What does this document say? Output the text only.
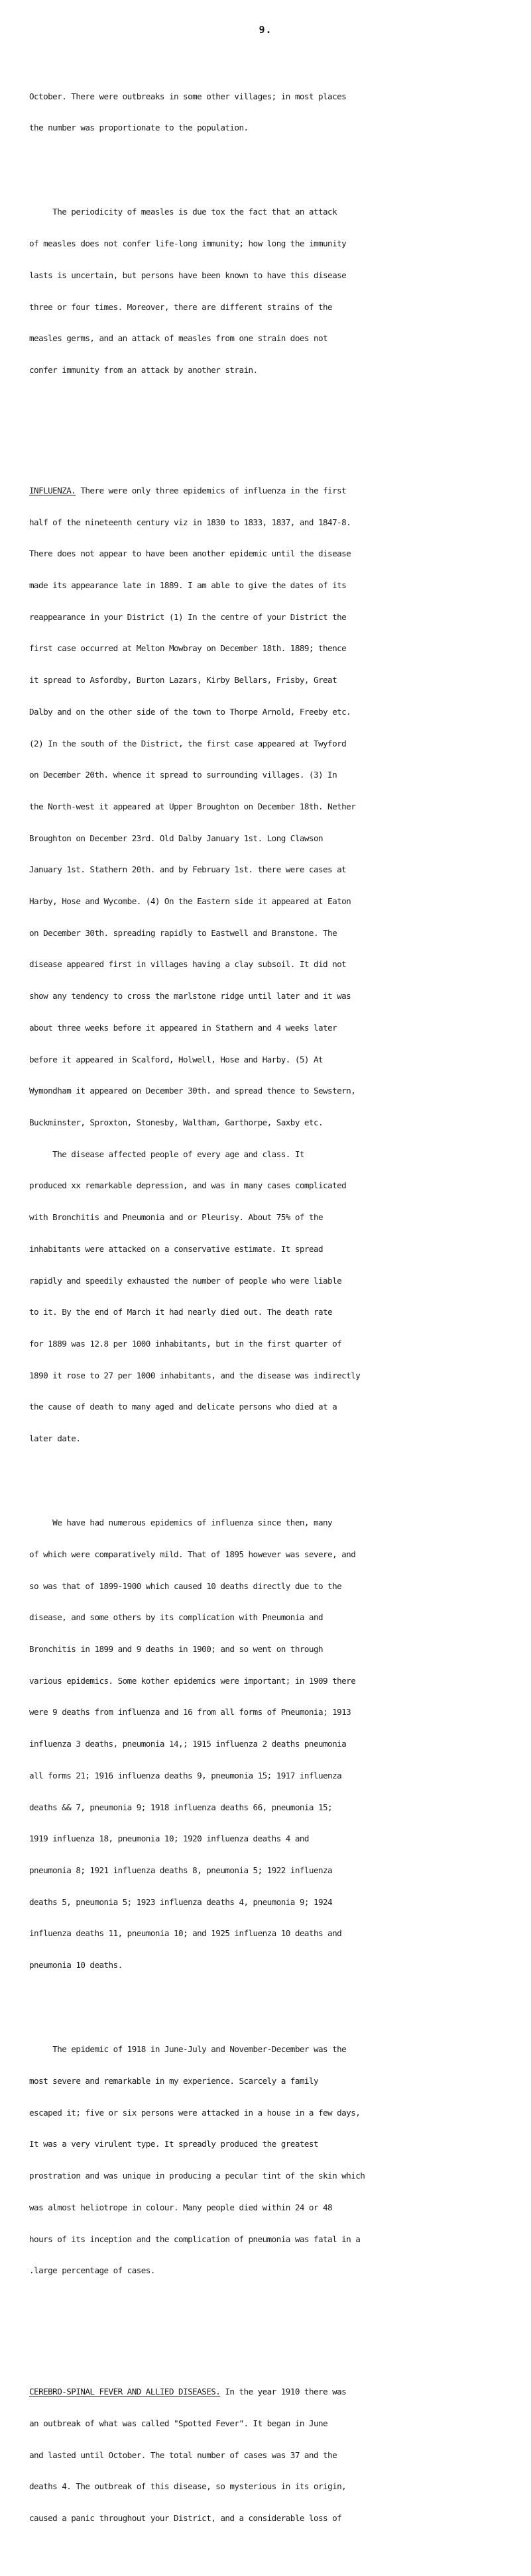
9.

October. There were outbreaks in some other villages; in most places

the number was proportionate to the population.

The periodicity of measles is due tox the fact that an attack

of measles does not confer life-long immunity; how long the immunity

lasts is uncertain, but persons have been known to have this disease

three or four times. Moreover, there are different strains of the

measles germs, and an attack of measles from one strain does not

confer immunity from an attack by another strain.

INFLUENZA. There were only three epidemics of influenza in the first

half of the nineteenth century viz in 1830 to 1833, 1837, and 1847-8.

There does not appear to have been another epidemic until the disease

made its appearance late in 1889. I am able to give the dates of its

reappearance in your District (1) In the centre of your District the

first case occurred at Melton Mowbray on December 18th. 1889; thence

it spread to Asfordby, Burton Lazars, Kirby Bellars, Frisby, Great

Dalby and on the other side of the town to Thorpe Arnold, Freeby etc.

(2) In the south of the District, the first case appeared at Twyford

on December 20th. whence it spread to surrounding villages. (3) In

the North-west it appeared at Upper Broughton on December 18th. Nether

Broughton on December 23rd. Old Dalby January 1st. Long Clawson

January 1st. Stathern 20th. and by February 1st. there were cases at

Harby, Hose and Wycombe. (4) On the Eastern side it appeared at Eaton

on December 30th. spreading rapidly to Eastwell and Branstone. The

disease appeared first in villages having a clay subsoil. It did not

show any tendency to cross the marlstone ridge until later and it was

about three weeks before it appeared in Stathern and 4 weeks later

before it appeared in Scalford, Holwell, Hose and Harby. (5) At

Wymondham it appeared on December 30th. and spread thence to Sewstern,

Buckminster, Sproxton, Stonesby, Waltham, Garthorpe, Saxby etc.

The disease affected people of every age and class. It

produced xx remarkable depression, and was in many cases complicated

with Bronchitis and Pneumonia and or Pleurisy. About 75% of the

inhabitants were attacked on a conservative estimate. It spread

rapidly and speedily exhausted the number of people who were liable

to it. By the end of March it had nearly died out. The death rate

for 1889 was 12.8 per 1000 inhabitants, but in the first quarter of

1890 it rose to 27 per 1000 inhabitants, and the disease was indirectly

the cause of death to many aged and delicate persons who died at a

later date.

We have had numerous epidemics of influenza since then, many

of which were comparatively mild. That of 1895 however was severe, and

so was that of 1899-1900 which caused 10 deaths directly due to the

disease, and some others by its complication with Pneumonia and

Bronchitis in 1899 and 9 deaths in 1900; and so went on through

various epidemics. Some kother epidemics were important; in 1909 there

were 9 deaths from influenza and 16 from all forms of Pneumonia; 1913

influenza 3 deaths, pneumonia 14,; 1915 influenza 2 deaths pneumonia

all forms 21; 1916 influenza deaths 9, pneumonia 15; 1917 influenza

deaths && 7, pneumonia 9; 1918 influenza deaths 66, pneumonia 15;

1919 influenza 18, pneumonia 10; 1920 influenza deaths 4 and

pneumonia 8; 1921 influenza deaths 8, pneumonia 5; 1922 influenza

deaths 5, pneumonia 5; 1923 influenza deaths 4, pneumonia 9; 1924

influenza deaths 11, pneumonia 10; and 1925 influenza 10 deaths and

pneumonia 10 deaths.

The epidemic of 1918 in June-July and November-December was the

most severe and remarkable in my experience. Scarcely a family

escaped it; five or six persons were attacked in a house in a few days,

It was a very virulent type. It spreadly produced the greatest

prostration and was unique in producing a pecular tint of the skin which

was almost heliotrope in colour. Many people died within 24 or 48

hours of its inception and the complication of pneumonia was fatal in a

.large percentage of cases.

CEREBRO-SPINAL FEVER AND ALLIED DISEASES. In the year 1910 there was

an outbreak of what was called "Spotted Fever". It began in June

and lasted until October. The total number of cases was 37 and the

deaths 4. The outbreak of this disease, so mysterious in its origin,

caused a panic throughout your District, and a considerable loss of
